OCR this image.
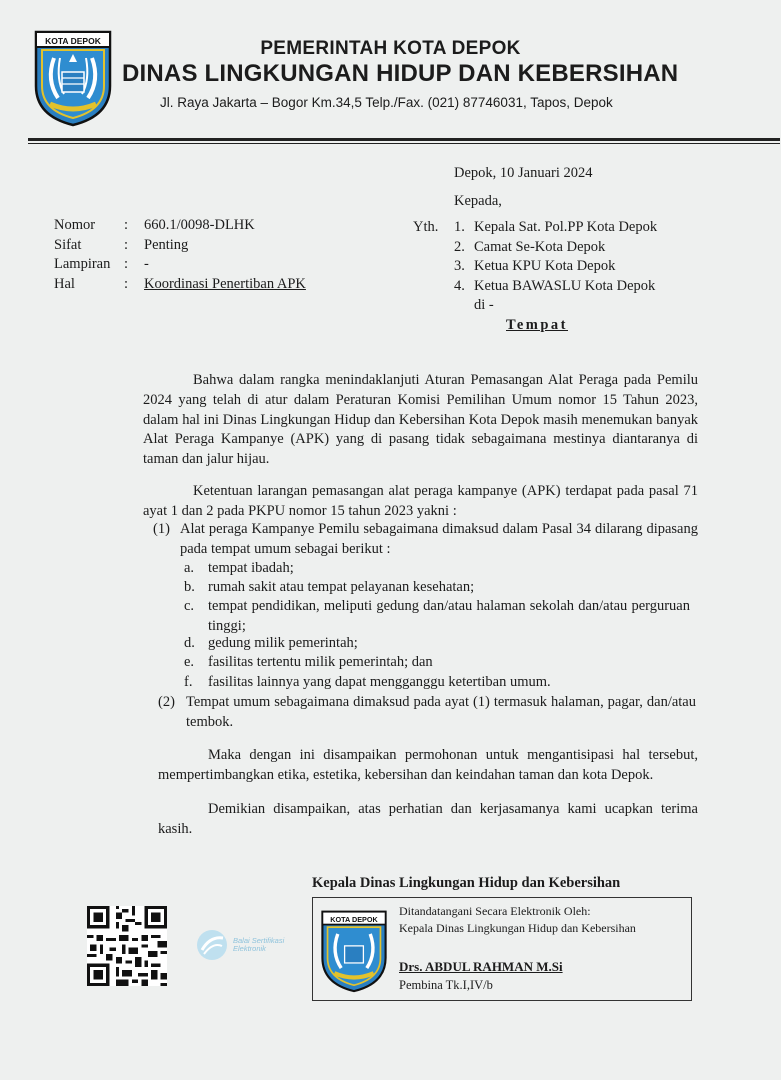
KOTA DEPOK	PEMERINTAH KOTA DEPOK
DINAS LINGKUNGAN HIDUP DAN KEBERSIHAN
Jl. Raya Jakarta – Bogor Km.34,5 Telp./Fax. (021) 87746031, Tapos, Depok
Depok, 10 Januari 2024
Kepada,
Nomor : 660.1/0098-DLHK
Sifat	: Penting
Lampiran : -
Hal	: Koordinasi Penertiban APK
Yth. 1. Kepala Sat. Pol.PP Kota Depok
2. Camat Se-Kota Depok
3. Ketua KPU Kota Depok
4. Ketua BAWASLU Kota Depok
di -
Tempat
Bahwa dalam rangka menindaklanjuti Aturan Pemasangan Alat Peraga pada Pemilu 2024 yang telah di atur dalam Peraturan Komisi Pemilihan Umum nomor 15 Tahun 2023, dalam hal ini Dinas Lingkungan Hidup dan Kebersihan Kota Depok masih menemukan banyak Alat Peraga Kampanye (APK) yang di pasang tidak sebagaimana mestinya diantaranya di taman dan jalur hijau.
Ketentuan larangan pemasangan alat peraga kampanye (APK) terdapat pada pasal 71 ayat 1 dan 2 pada PKPU nomor 15 tahun 2023 yakni :
(1) Alat peraga Kampanye Pemilu sebagaimana dimaksud dalam Pasal 34 dilarang dipasang pada tempat umum sebagai berikut :
a. tempat ibadah;
b. rumah sakit atau tempat pelayanan kesehatan;
c. tempat pendidikan, meliputi gedung dan/atau halaman sekolah dan/atau perguruan tinggi;
d. gedung milik pemerintah;
e. fasilitas tertentu milik pemerintah; dan
f. fasilitas lainnya yang dapat mengganggu ketertiban umum.
(2) Tempat umum sebagaimana dimaksud pada ayat (1) termasuk halaman, pagar, dan/atau tembok.
Maka dengan ini disampaikan permohonan untuk mengantisipasi hal tersebut, mempertimbangkan etika, estetika, kebersihan dan keindahan taman dan kota Depok.
Demikian disampaikan, atas perhatian dan kerjasamanya kami ucapkan terima kasih.
Kepala Dinas Lingkungan Hidup dan Kebersihan
Balai Sertifikasi Elektronik
KOTA DEPOK
Ditandatangani Secara Elektronik Oleh:
Kepala Dinas Lingkungan Hidup dan Kebersihan
Drs. ABDUL RAHMAN M.Si
Pembina Tk.I,IV/b
